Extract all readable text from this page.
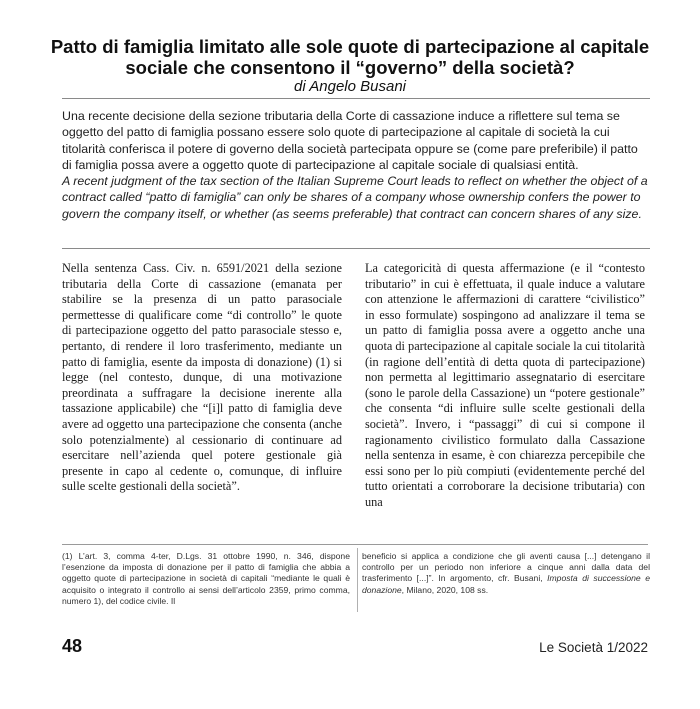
Patto di famiglia limitato alle sole quote di partecipazione al capitale sociale che consentono il “governo” della società?
di Angelo Busani

Una recente decisione della sezione tributaria della Corte di cassazione induce a riflettere sul tema se oggetto del patto di famiglia possano essere solo quote di partecipazione al capitale di società la cui titolarità conferisca il potere di governo della società partecipata oppure se (come pare preferibile) il patto di famiglia possa avere a oggetto quote di partecipazione al capitale sociale di qualsiasi entità.

A recent judgment of the tax section of the Italian Supreme Court leads to reflect on whether the object of a contract called “patto di famiglia” can only be shares of a company whose ownership confers the power to govern the company itself, or whether (as seems preferable) that contract can concern shares of any size.

Nella sentenza Cass. Civ. n. 6591/2021 della sezione tributaria della Corte di cassazione (emanata per stabilire se la presenza di un patto parasociale permettesse di qualificare come “di controllo” le quote di partecipazione oggetto del patto parasociale stesso e, pertanto, di rendere il loro trasferimento, mediante un patto di famiglia, esente da imposta di donazione) (1) si legge (nel contesto, dunque, di una motivazione preordinata a suffragare la decisione inerente alla tassazione applicabile) che “[i]l patto di famiglia deve avere ad oggetto una partecipazione che consenta (anche solo potenzialmente) al cessionario di continuare ad esercitare nell’azienda quel potere gestionale già presente in capo al cedente o, comunque, di influire sulle scelte gestionali della società”.

La categoricità di questa affermazione (e il “contesto tributario” in cui è effettuata, il quale induce a valutare con attenzione le affermazioni di carattere “civilistico” in esso formulate) sospingono ad analizzare il tema se un patto di famiglia possa avere a oggetto anche una quota di partecipazione al capitale sociale la cui titolarità (in ragione dell’entità di detta quota di partecipazione) non permetta al legittimario assegnatario di esercitare (sono le parole della Cassazione) un “potere gestionale” che consenta “di influire sulle scelte gestionali della società”. Invero, i “passaggi” di cui si compone il ragionamento civilistico formulato dalla Cassazione nella sentenza in esame, è con chiarezza percepibile che essi sono per lo più compiuti (evidentemente perché del tutto orientati a corroborare la decisione tributaria) con una

(1) L’art. 3, comma 4-ter, D.Lgs. 31 ottobre 1990, n. 346, dispone l’esenzione da imposta di donazione per il patto di famiglia che abbia a oggetto quote di partecipazione in società di capitali “mediante le quali è acquisito o integrato il controllo ai sensi dell’articolo 2359, primo comma, numero 1), del codice civile. Il

beneficio si applica a condizione che gli aventi causa [...] detengano il controllo per un periodo non inferiore a cinque anni dalla data del trasferimento [...]”. In argomento, cfr. Busani, Imposta di successione e donazione, Milano, 2020, 108 ss.

48	Le Società 1/2022
